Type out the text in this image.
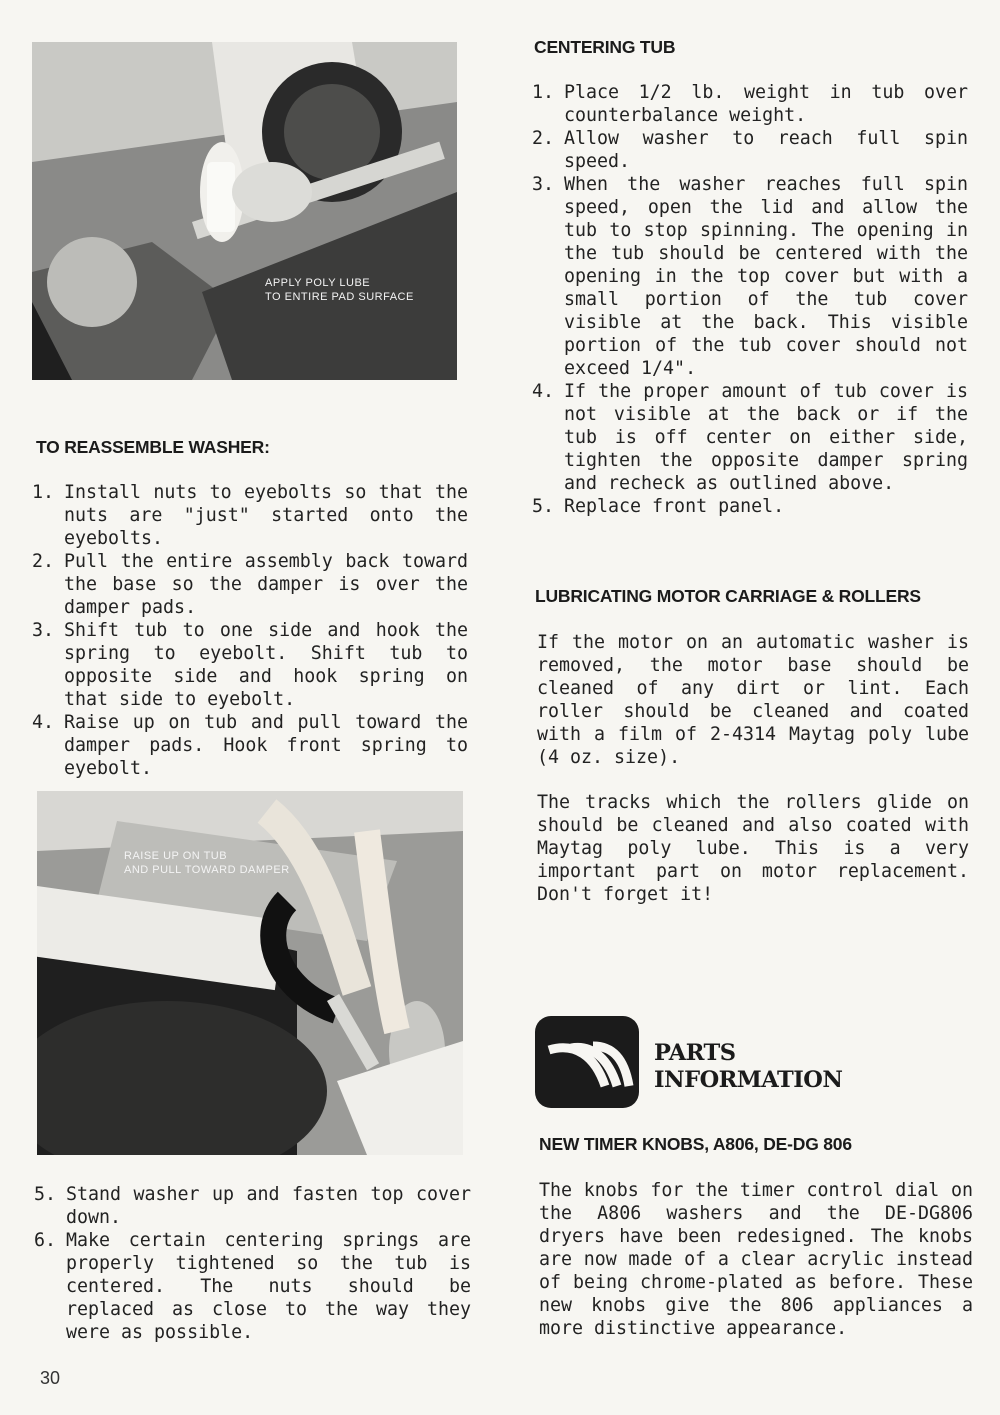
APPLY POLY LUBE
TO ENTIRE PAD SURFACE
TO REASSEMBLE WASHER:
1. Install nuts to eyebolts so that the nuts are "just" started onto the eyebolts.
2. Pull the entire assembly back toward the base so the damper is over the damper pads.
3. Shift tub to one side and hook the spring to eyebolt. Shift tub to opposite side and hook spring on that side to eyebolt.
4. Raise up on tub and pull toward the damper pads. Hook front spring to eyebolt.
RAISE UP ON TUB
AND PULL TOWARD DAMPER
5. Stand washer up and fasten top cover down.
6. Make certain centering springs are properly tightened so the tub is centered. The nuts should be replaced as close to the way they were as possible.
30
CENTERING TUB
1. Place 1/2 lb. weight in tub over counterbalance weight.
2. Allow washer to reach full spin speed.
3. When the washer reaches full spin speed, open the lid and allow the tub to stop spinning. The opening in the tub should be centered with the opening in the top cover but with a small portion of the tub cover visible at the back. This visible portion of the tub cover should not exceed 1/4".
4. If the proper amount of tub cover is not visible at the back or if the tub is off center on either side, tighten the opposite damper spring and recheck as outlined above.
5. Replace front panel.
LUBRICATING MOTOR CARRIAGE & ROLLERS

If the motor on an automatic washer is removed, the motor base should be cleaned of any dirt or lint. Each roller should be cleaned and coated with a film of 2-4314 Maytag poly lube (4 oz. size).

The tracks which the rollers glide on should be cleaned and also coated with Maytag poly lube. This is a very important part on motor replacement. Don't forget it!

PARTS
INFORMATION
NEW TIMER KNOBS, A806, DE-DG 806

The knobs for the timer control dial on the A806 washers and the DE-DG806 dryers have been redesigned. The knobs are now made of a clear acrylic instead of being chrome-plated as before. These new knobs give the 806 appliances a more distinctive appearance.
